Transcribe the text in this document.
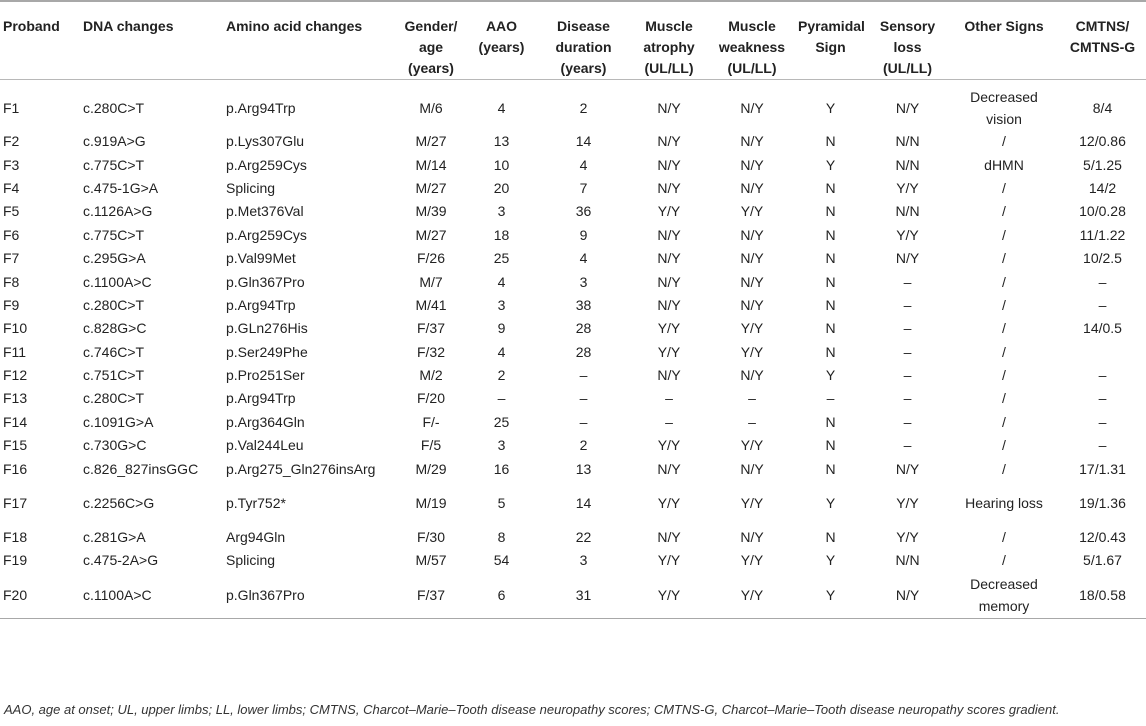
Proband	DNA changes	Amino acid changes	Gender/ age (years)	AAO (years)	Disease duration (years)	Muscle atrophy (UL/LL)	Muscle weakness (UL/LL)	Pyramidal Sign	Sensory loss (UL/LL)	Other Signs	CMTNS/ CMTNS-G
F1	c.280C>T	p.Arg94Trp	M/6	4	2	N/Y	N/Y	Y	N/Y	Decreased vision	8/4
F2	c.919A>G	p.Lys307Glu	M/27	13	14	N/Y	N/Y	N	N/N	/	12/0.86
F3	c.775C>T	p.Arg259Cys	M/14	10	4	N/Y	N/Y	Y	N/N	dHMN	5/1.25
F4	c.475-1G>A	Splicing	M/27	20	7	N/Y	N/Y	N	Y/Y	/	14/2
F5	c.1126A>G	p.Met376Val	M/39	3	36	Y/Y	Y/Y	N	N/N	/	10/0.28
F6	c.775C>T	p.Arg259Cys	M/27	18	9	N/Y	N/Y	N	Y/Y	/	11/1.22
F7	c.295G>A	p.Val99Met	F/26	25	4	N/Y	N/Y	N	N/Y	/	10/2.5
F8	c.1100A>C	p.Gln367Pro	M/7	4	3	N/Y	N/Y	N	–	/	–
F9	c.280C>T	p.Arg94Trp	M/41	3	38	N/Y	N/Y	N	–	/	–
F10	c.828G>C	p.GLn276His	F/37	9	28	Y/Y	Y/Y	N	–	/	14/0.5
F11	c.746C>T	p.Ser249Phe	F/32	4	28	Y/Y	Y/Y	N	–	/	
F12	c.751C>T	p.Pro251Ser	M/2	2	–	N/Y	N/Y	Y	–	/	–
F13	c.280C>T	p.Arg94Trp	F/20	–	–	–	–	–	–	/	–
F14	c.1091G>A	p.Arg364Gln	F/-	25	–	–	–	N	–	/	–
F15	c.730G>C	p.Val244Leu	F/5	3	2	Y/Y	Y/Y	N	–	/	–
F16	c.826_827insGGC	p.Arg275_Gln276insArg	M/29	16	13	N/Y	N/Y	N	N/Y	/	17/1.31
F17	c.2256C>G	p.Tyr752*	M/19	5	14	Y/Y	Y/Y	Y	Y/Y	Hearing loss	19/1.36
F18	c.281G>A	Arg94Gln	F/30	8	22	N/Y	N/Y	N	Y/Y	/	12/0.43
F19	c.475-2A>G	Splicing	M/57	54	3	Y/Y	Y/Y	Y	N/N	/	5/1.67
F20	c.1100A>C	p.Gln367Pro	F/37	6	31	Y/Y	Y/Y	Y	N/Y	Decreased memory	18/0.58
AAO, age at onset; UL, upper limbs; LL, lower limbs; CMTNS, Charcot–Marie–Tooth disease neuropathy scores; CMTNS-G, Charcot–Marie–Tooth disease neuropathy scores gradient.
